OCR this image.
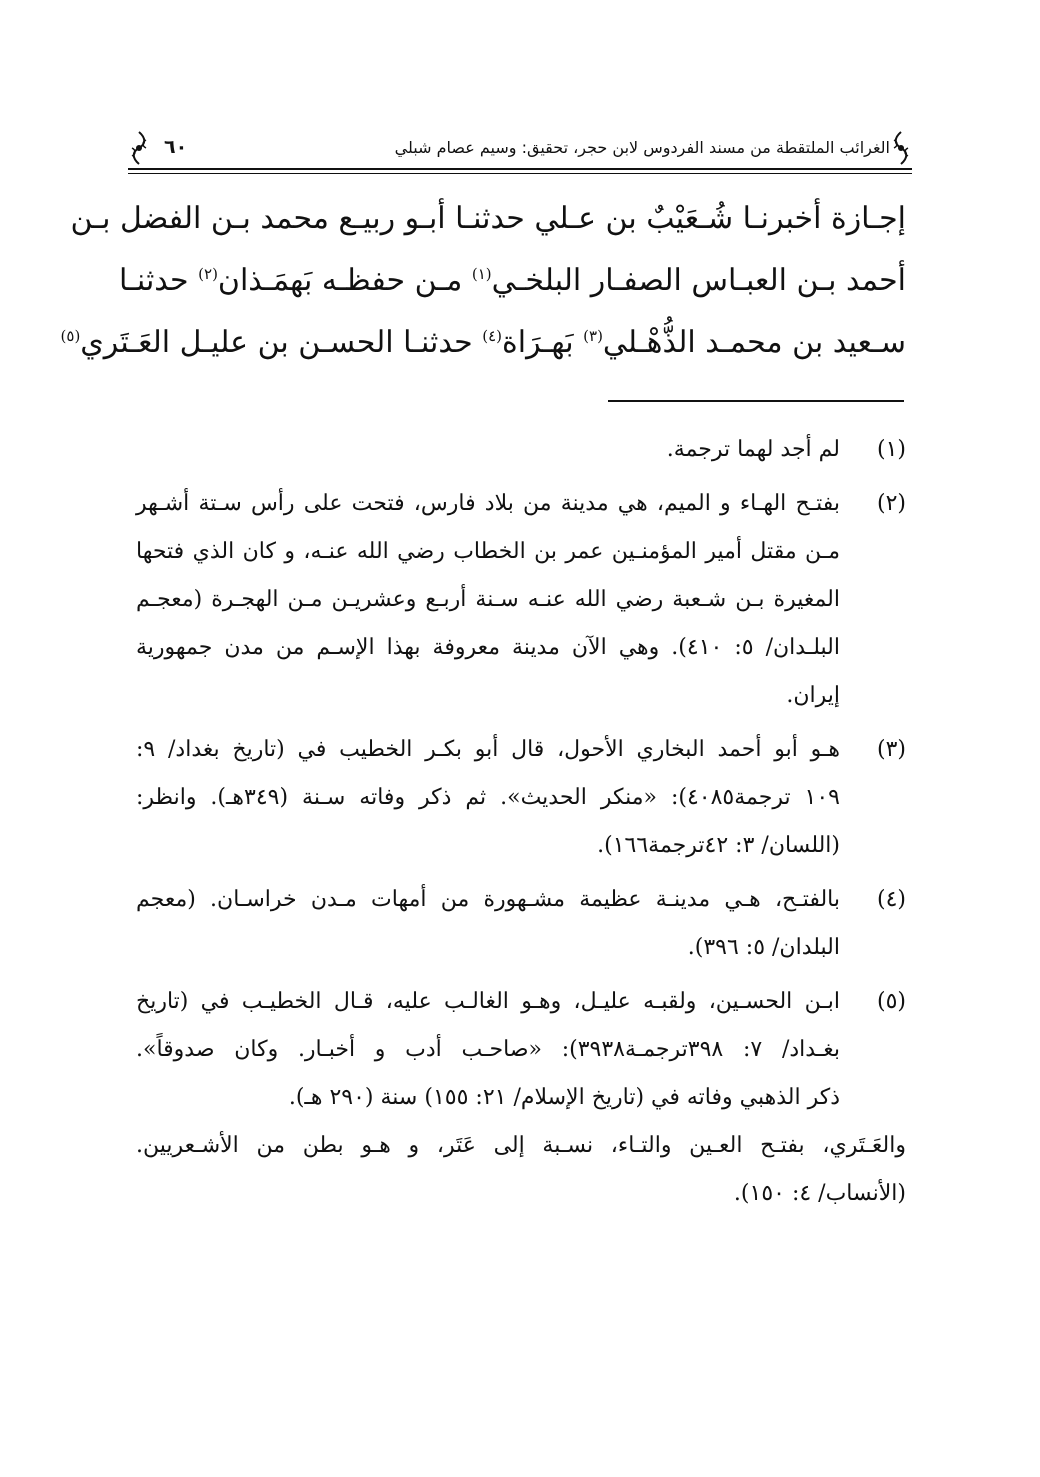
الغرائب الملتقطة من مسند الفردوس لابن حجر، تحقيق: وسيم عصام شبلي
٦٠
إجـازة أخبرنـا شُـعَيْبٌ بن عـلي حدثنـا أبـو ربيـع محمد بـن الفضل بـن
أحمد بـن العبـاس الصفـار البلخـي$^{(١)}$ مـن حفظـه بَهمَـذان$^{(٢)}$ حدثنـا
سـعيد بن محمـد الذُّهْـلي$^{(٣)}$ بَهـرَاة$^{(٤)}$ حدثنـا الحسـن بن عليـل العَـتَري$^{(٥)}$
(١)
لم أجد لهما ترجمة.
(٢)
بفتـح الهـاء و الميم، هي مدينة من بلاد فارس، فتحت على رأس سـتة أشـهر
مـن مقتل أمير المؤمنـين عمر بن الخطاب رضي الله عنـه، و كان الذي فتحها
المغيرة بـن شـعبة رضي الله عنـه سـنة أربـع وعشريـن مـن الهجـرة (معجـم
البلـدان/ ٥: ٤١٠). وهي الآن مدينة معروفة بهذا الإسـم من مدن جمهورية
إيران.
(٣)
هـو أبو أحمد البخاري الأحول، قال أبو بكـر الخطيب في (تاريخ بغداد/ ٩:
١٠٩ ترجمة٤٠٨٥): «منكر الحديث». ثم ذكر وفاته سـنة (٣٤٩هـ). وانظر:
(اللسان/ ٣: ٤٢ترجمة١٦٦).
(٤)
بالفتـح، هـي مدينـة عظيمة مشـهورة من أمهات مـدن خراسـان. (معجم
البلدان/ ٥: ٣٩٦).
(٥)
ابـن الحسـين، ولقبـه عليـل، وهـو الغالـب عليه، قـال الخطيـب في (تاريخ
بغـداد/ ٧: ٣٩٨ترجمـة٣٩٣٨): «صاحـب أدب و أخبـار. وكان صدوقاً».
ذكر الذهبي وفاته في (تاريخ الإسلام/ ٢١: ١٥٥) سنة (٢٩٠ هـ).
والعَـتَري، بفتـح العـين والتـاء، نسـبة إلى عَتَر، و هـو بطن من الأشـعريين.
(الأنساب/ ٤: ١٥٠).
